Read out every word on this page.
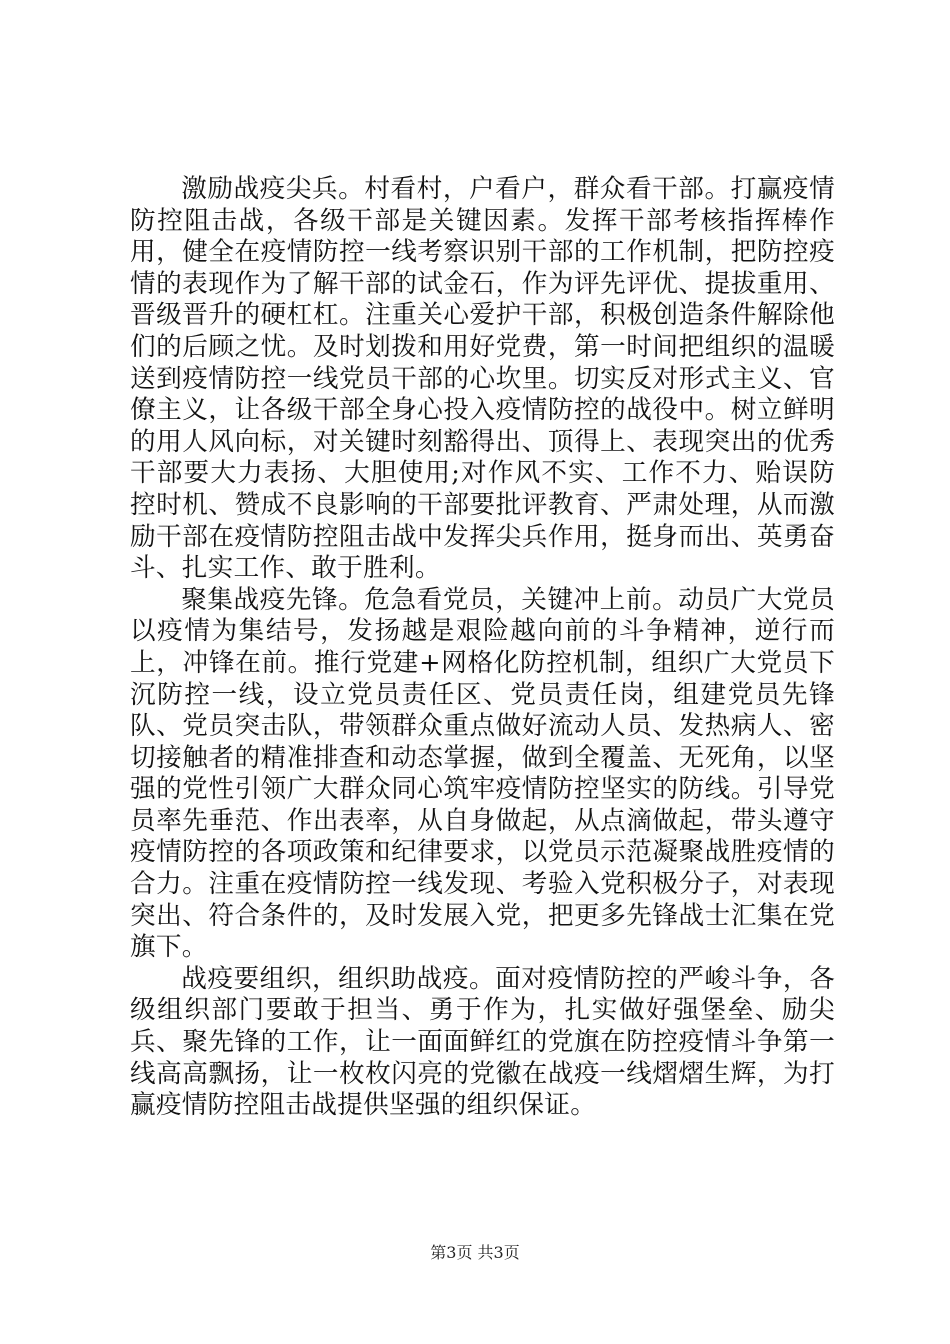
激励战疫尖兵。村看村，户看户，群众看干部。打赢疫情防控阻击战，各级干部是关键因素。发挥干部考核指挥棒作用，健全在疫情防控一线考察识别干部的工作机制，把防控疫情的表现作为了解干部的试金石，作为评先评优、提拔重用、晋级晋升的硬杠杠。注重关心爱护干部，积极创造条件解除他们的后顾之忧。及时划拨和用好党费，第一时间把组织的温暖送到疫情防控一线党员干部的心坎里。切实反对形式主义、官僚主义，让各级干部全身心投入疫情防控的战役中。树立鲜明的用人风向标，对关键时刻豁得出、顶得上、表现突出的优秀干部要大力表扬、大胆使用;对作风不实、工作不力、贻误防控时机、赞成不良影响的干部要批评教育、严肃处理，从而激励干部在疫情防控阻击战中发挥尖兵作用，挺身而出、英勇奋斗、扎实工作、敢于胜利。

聚集战疫先锋。危急看党员，关键冲上前。动员广大党员以疫情为集结号，发扬越是艰险越向前的斗争精神，逆行而上，冲锋在前。推行党建+网格化防控机制，组织广大党员下沉防控一线，设立党员责任区、党员责任岗，组建党员先锋队、党员突击队，带领群众重点做好流动人员、发热病人、密切接触者的精准排查和动态掌握，做到全覆盖、无死角，以坚强的党性引领广大群众同心筑牢疫情防控坚实的防线。引导党员率先垂范、作出表率，从自身做起，从点滴做起，带头遵守疫情防控的各项政策和纪律要求，以党员示范凝聚战胜疫情的合力。注重在疫情防控一线发现、考验入党积极分子，对表现突出、符合条件的，及时发展入党，把更多先锋战士汇集在党旗下。

战疫要组织，组织助战疫。面对疫情防控的严峻斗争，各级组织部门要敢于担当、勇于作为，扎实做好强堡垒、励尖兵、聚先锋的工作，让一面面鲜红的党旗在防控疫情斗争第一线高高飘扬，让一枚枚闪亮的党徽在战疫一线熠熠生辉，为打赢疫情防控阻击战提供坚强的组织保证。

第3页 共3页
